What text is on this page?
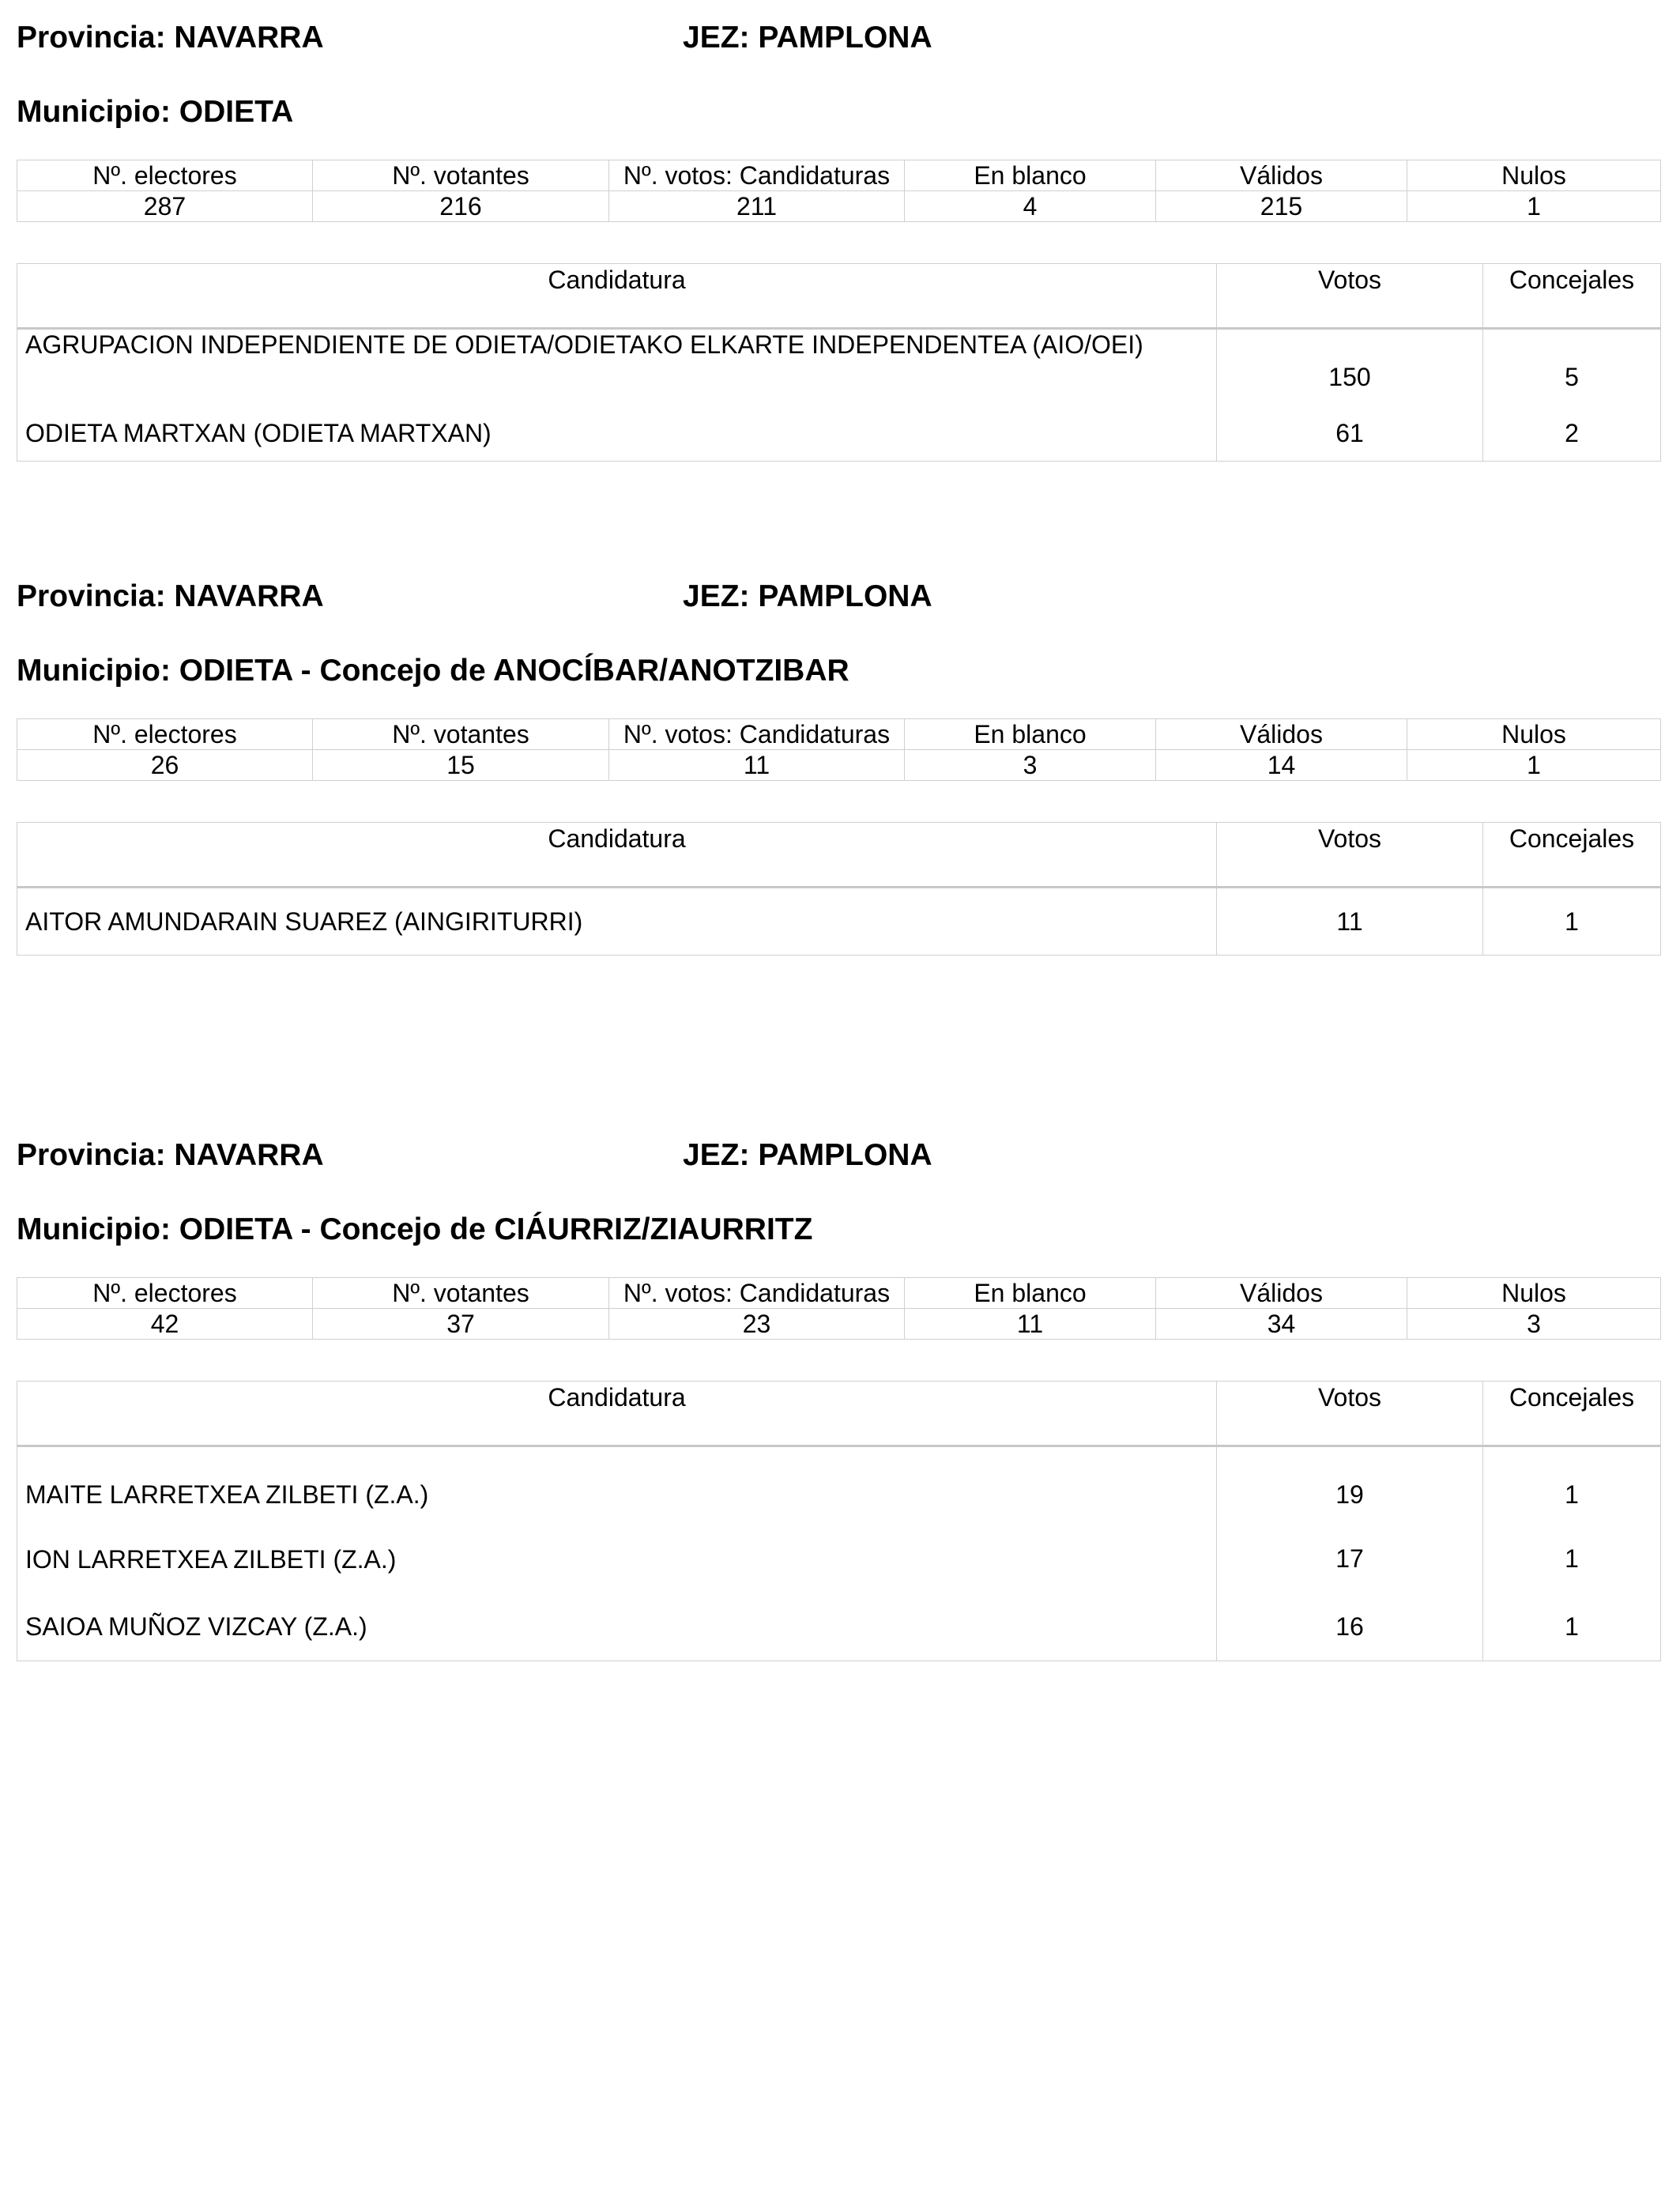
Provincia: NAVARRA	JEZ: PAMPLONA
Municipio: ODIETA
Nº. electores	Nº. votantes	Nº. votos: Candidaturas	En blanco	Válidos	Nulos
287	216	211	4	215	1
Candidatura	Votos	Concejales
AGRUPACION INDEPENDIENTE DE ODIETA/ODIETAKO ELKARTE INDEPENDENTEA (AIO/OEI)	150	5
ODIETA MARTXAN (ODIETA MARTXAN)	61	2
Provincia: NAVARRA	JEZ: PAMPLONA
Municipio: ODIETA - Concejo de ANOCÍBAR/ANOTZIBAR
Nº. electores	Nº. votantes	Nº. votos: Candidaturas	En blanco	Válidos	Nulos
26	15	11	3	14	1
Candidatura	Votos	Concejales
AITOR AMUNDARAIN SUAREZ (AINGIRITURRI)	11	1
Provincia: NAVARRA	JEZ: PAMPLONA
Municipio: ODIETA - Concejo de CIÁURRIZ/ZIAURRITZ
Nº. electores	Nº. votantes	Nº. votos: Candidaturas	En blanco	Válidos	Nulos
42	37	23	11	34	3
Candidatura	Votos	Concejales
MAITE LARRETXEA ZILBETI (Z.A.)	19	1
ION LARRETXEA ZILBETI (Z.A.)	17	1
SAIOA MUÑOZ VIZCAY (Z.A.)	16	1
